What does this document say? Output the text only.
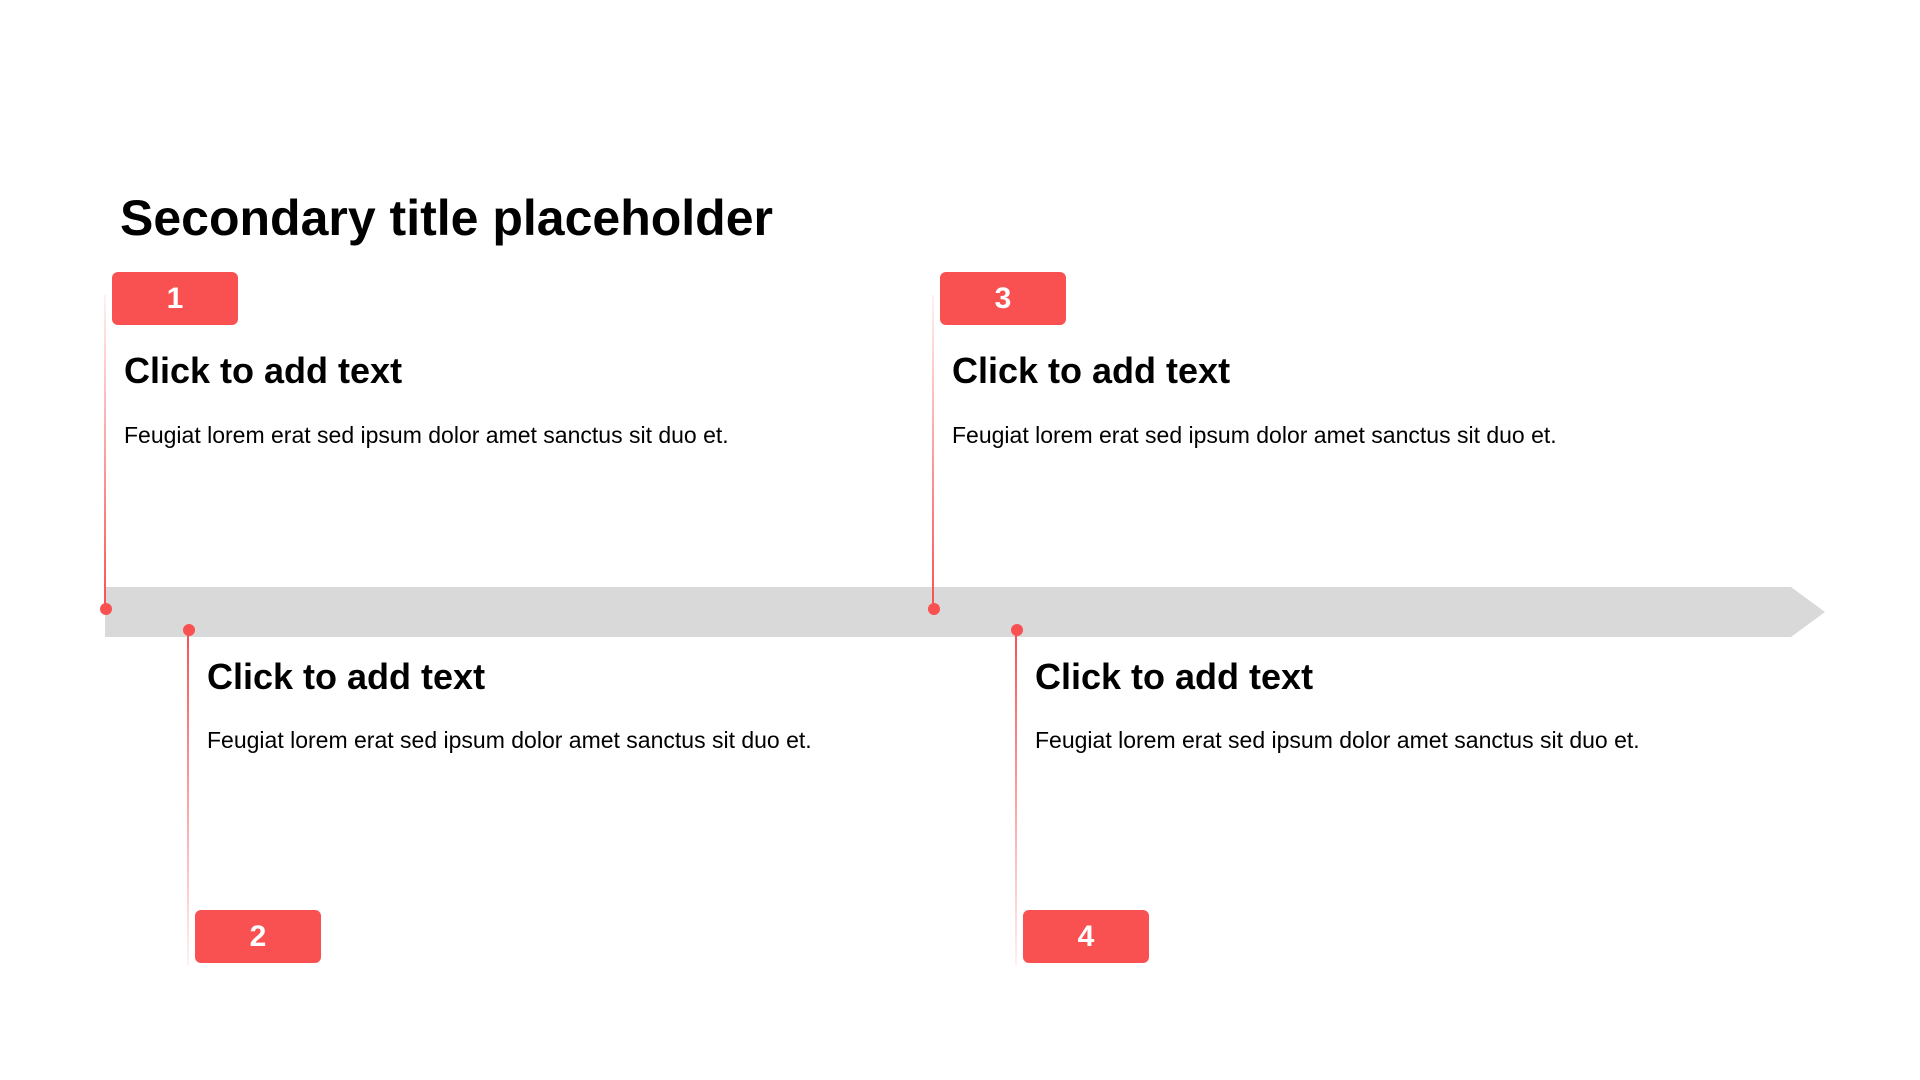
Secondary title placeholder
1
Click to add text

Feugiat lorem erat sed ipsum dolor amet sanctus sit duo et.

2
Click to add text

Feugiat lorem erat sed ipsum dolor amet sanctus sit duo et.

3
Click to add text

Feugiat lorem erat sed ipsum dolor amet sanctus sit duo et.

4
Click to add text

Feugiat lorem erat sed ipsum dolor amet sanctus sit duo et.
